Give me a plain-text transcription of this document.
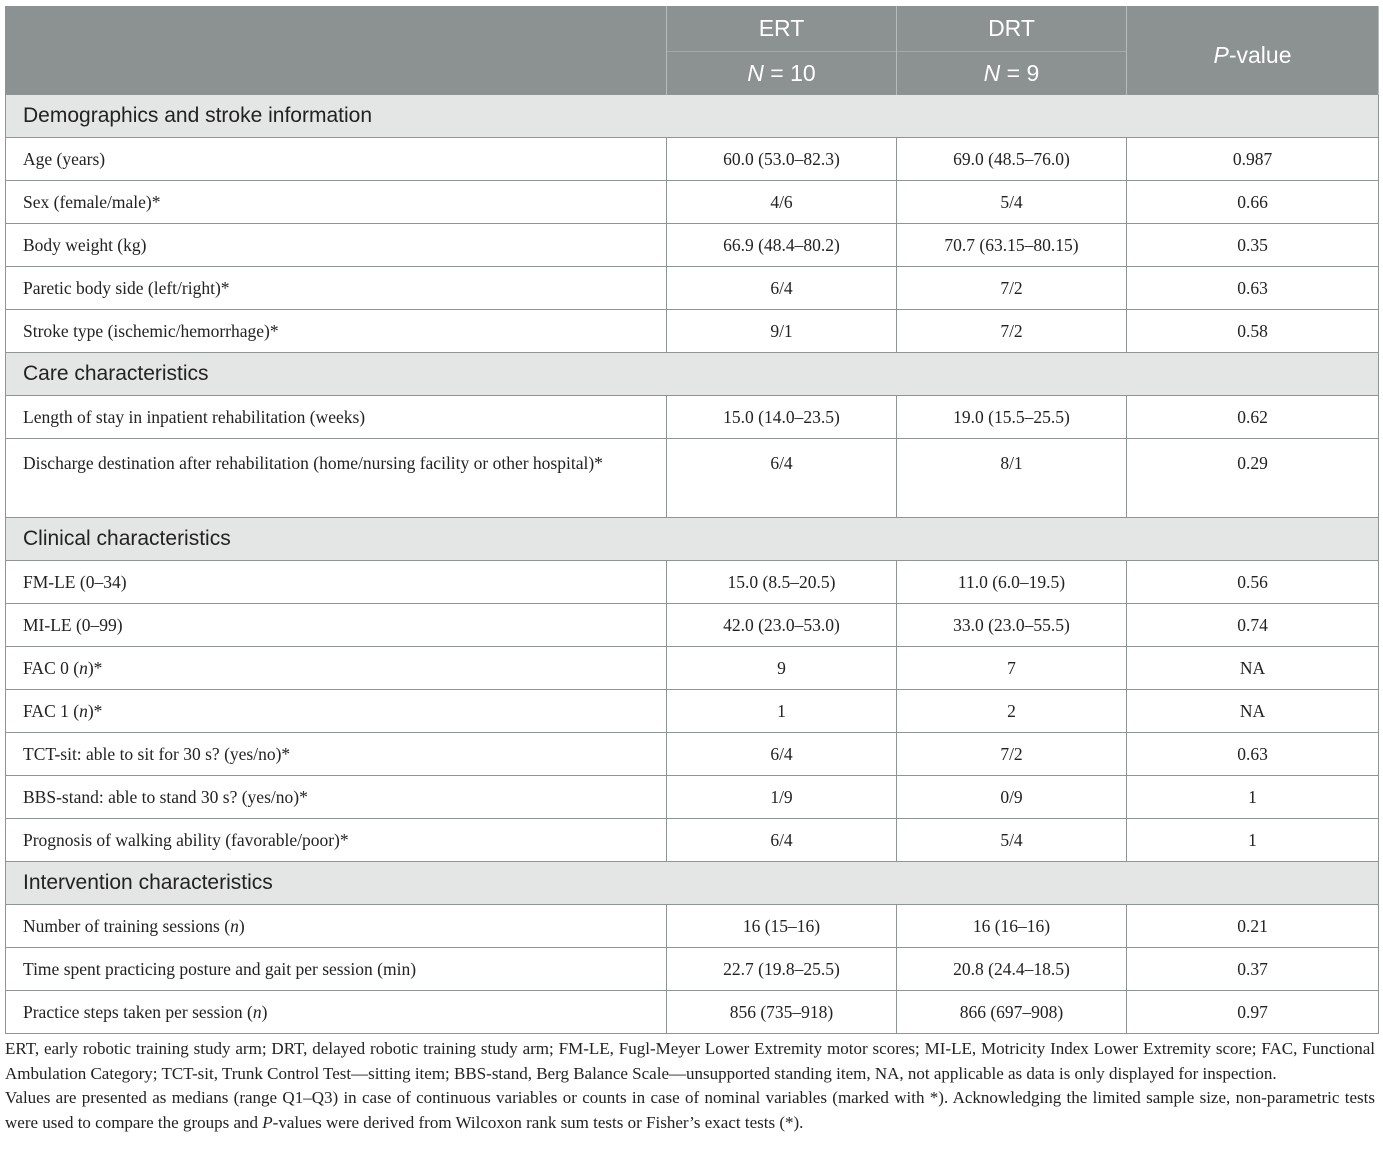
	ERT	DRT	P-value
	N = 10	N = 9	
Demographics and stroke information			
Age (years)	60.0 (53.0–82.3)	69.0 (48.5–76.0)	0.987
Sex (female/male)*	4/6	5/4	0.66
Body weight (kg)	66.9 (48.4–80.2)	70.7 (63.15–80.15)	0.35
Paretic body side (left/right)*	6/4	7/2	0.63
Stroke type (ischemic/hemorrhage)*	9/1	7/2	0.58
Care characteristics			
Length of stay in inpatient rehabilitation (weeks)	15.0 (14.0–23.5)	19.0 (15.5–25.5)	0.62
Discharge destination after rehabilitation (home/nursing facility or other hospital)*	6/4	8/1	0.29
Clinical characteristics			
FM-LE (0–34)	15.0 (8.5–20.5)	11.0 (6.0–19.5)	0.56
MI-LE (0–99)	42.0 (23.0–53.0)	33.0 (23.0–55.5)	0.74
FAC 0 (n)*	9	7	NA
FAC 1 (n)*	1	2	NA
TCT-sit: able to sit for 30 s? (yes/no)*	6/4	7/2	0.63
BBS-stand: able to stand 30 s? (yes/no)*	1/9	0/9	1
Prognosis of walking ability (favorable/poor)*	6/4	5/4	1
Intervention characteristics			
Number of training sessions (n)	16 (15–16)	16 (16–16)	0.21
Time spent practicing posture and gait per session (min)	22.7 (19.8–25.5)	20.8 (24.4–18.5)	0.37
Practice steps taken per session (n)	856 (735–918)	866 (697–908)	0.97

ERT, early robotic training study arm; DRT, delayed robotic training study arm; FM-LE, Fugl-Meyer Lower Extremity motor scores; MI-LE, Motricity Index Lower Extremity score; FAC, Functional Ambulation Category; TCT-sit, Trunk Control Test—sitting item; BBS-stand, Berg Balance Scale—unsupported standing item, NA, not applicable as data is only displayed for inspection.

Values are presented as medians (range Q1–Q3) in case of continuous variables or counts in case of nominal variables (marked with *). Acknowledging the limited sample size, non-parametric tests were used to compare the groups and P-values were derived from Wilcoxon rank sum tests or Fisher’s exact tests (*).
